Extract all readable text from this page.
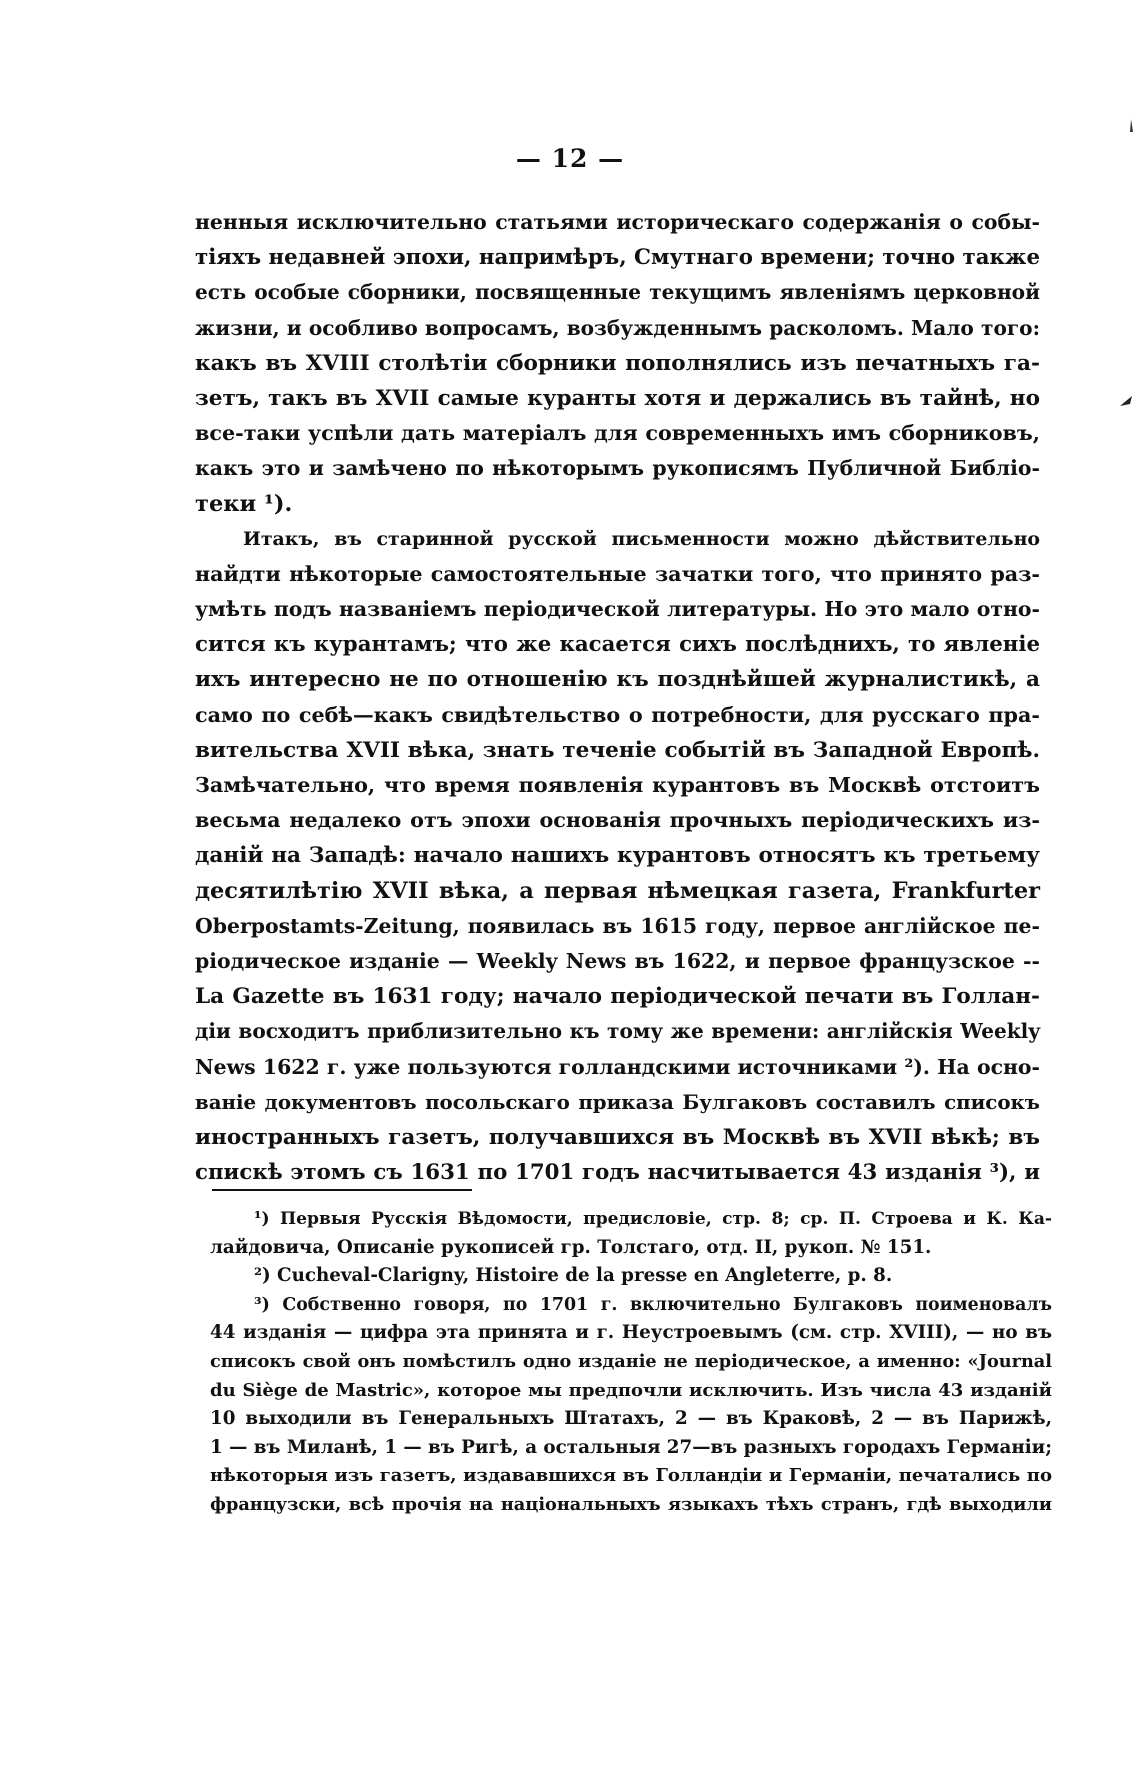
— 12 —
ненныя исключительно статьями историческаго содержанія о собы-
тіяхъ недавней эпохи, напримѣръ, Смутнаго времени; точно также
есть особые сборники, посвященные текущимъ явленіямъ церковной
жизни, и особливо вопросамъ, возбужденнымъ расколомъ. Мало того:
какъ въ XVIII столѣтіи сборники пополнялись изъ печатныхъ га-
зетъ, такъ въ XVII самые куранты хотя и держались въ тайнѣ, но
все-таки успѣли дать матеріалъ для современныхъ имъ сборниковъ,
какъ это и замѣчено по нѣкоторымъ рукописямъ Публичной Библіо-
теки ¹).
Итакъ, въ старинной русской письменности можно дѣйствительно
найдти нѣкоторые самостоятельные зачатки того, что принято раз-
умѣть подъ названіемъ періодической литературы. Но это мало отно-
сится къ курантамъ; что же касается сихъ послѣднихъ, то явленіе
ихъ интересно не по отношенію къ позднѣйшей журналистикѣ, а
само по себѣ—какъ свидѣтельство о потребности, для русскаго пра-
вительства XVII вѣка, знать теченіе событій въ Западной Европѣ.
Замѣчательно, что время появленія курантовъ въ Москвѣ отстоитъ
весьма недалеко отъ эпохи основанія прочныхъ періодическихъ из-
даній на Западѣ: начало нашихъ курантовъ относятъ къ третьему
десятилѣтію XVII вѣка, а первая нѣмецкая газета, Frankfurter
Oberpostamts-Zeitung, появилась въ 1615 году, первое англійское пе-
ріодическое изданіе — Weekly News въ 1622, и первое французское --
La Gazette въ 1631 году; начало періодической печати въ Голлан-
діи восходитъ приблизительно къ тому же времени: англійскія Weekly
News 1622 г. уже пользуются голландскими источниками ²). На осно-
ваніе документовъ посольскаго приказа Булгаковъ составилъ списокъ
иностранныхъ газетъ, получавшихся въ Москвѣ въ XVII вѣкѣ; въ
спискѣ этомъ съ 1631 по 1701 годъ насчитывается 43 изданія ³), и
¹) Первыя Русскія Вѣдомости, предисловіе, стр. 8; ср. П. Строева и К. Ка-
лайдовича, Описаніе рукописей гр. Толстаго, отд. II, рукоп. № 151.
²) Cucheval-Clarigny, Histoire de la presse en Angleterre, p. 8.
³) Собственно говоря, по 1701 г. включительно Булгаковъ поименовалъ
44 изданія — цифра эта принята и г. Неустроевымъ (см. стр. XVIII), — но въ
списокъ свой онъ помѣстилъ одно изданіе не періодическое, а именно: «Journal
du Siège de Mastric», которое мы предпочли исключить. Изъ числа 43 изданій
10 выходили въ Генеральныхъ Штатахъ, 2 — въ Краковѣ, 2 — въ Парижѣ,
1 — въ Миланѣ, 1 — въ Ригѣ, а остальныя 27—въ разныхъ городахъ Германіи;
нѣкоторыя изъ газетъ, издававшихся въ Голландіи и Германіи, печатались по
французски, всѣ прочія на національныхъ языкахъ тѣхъ странъ, гдѣ выходили
